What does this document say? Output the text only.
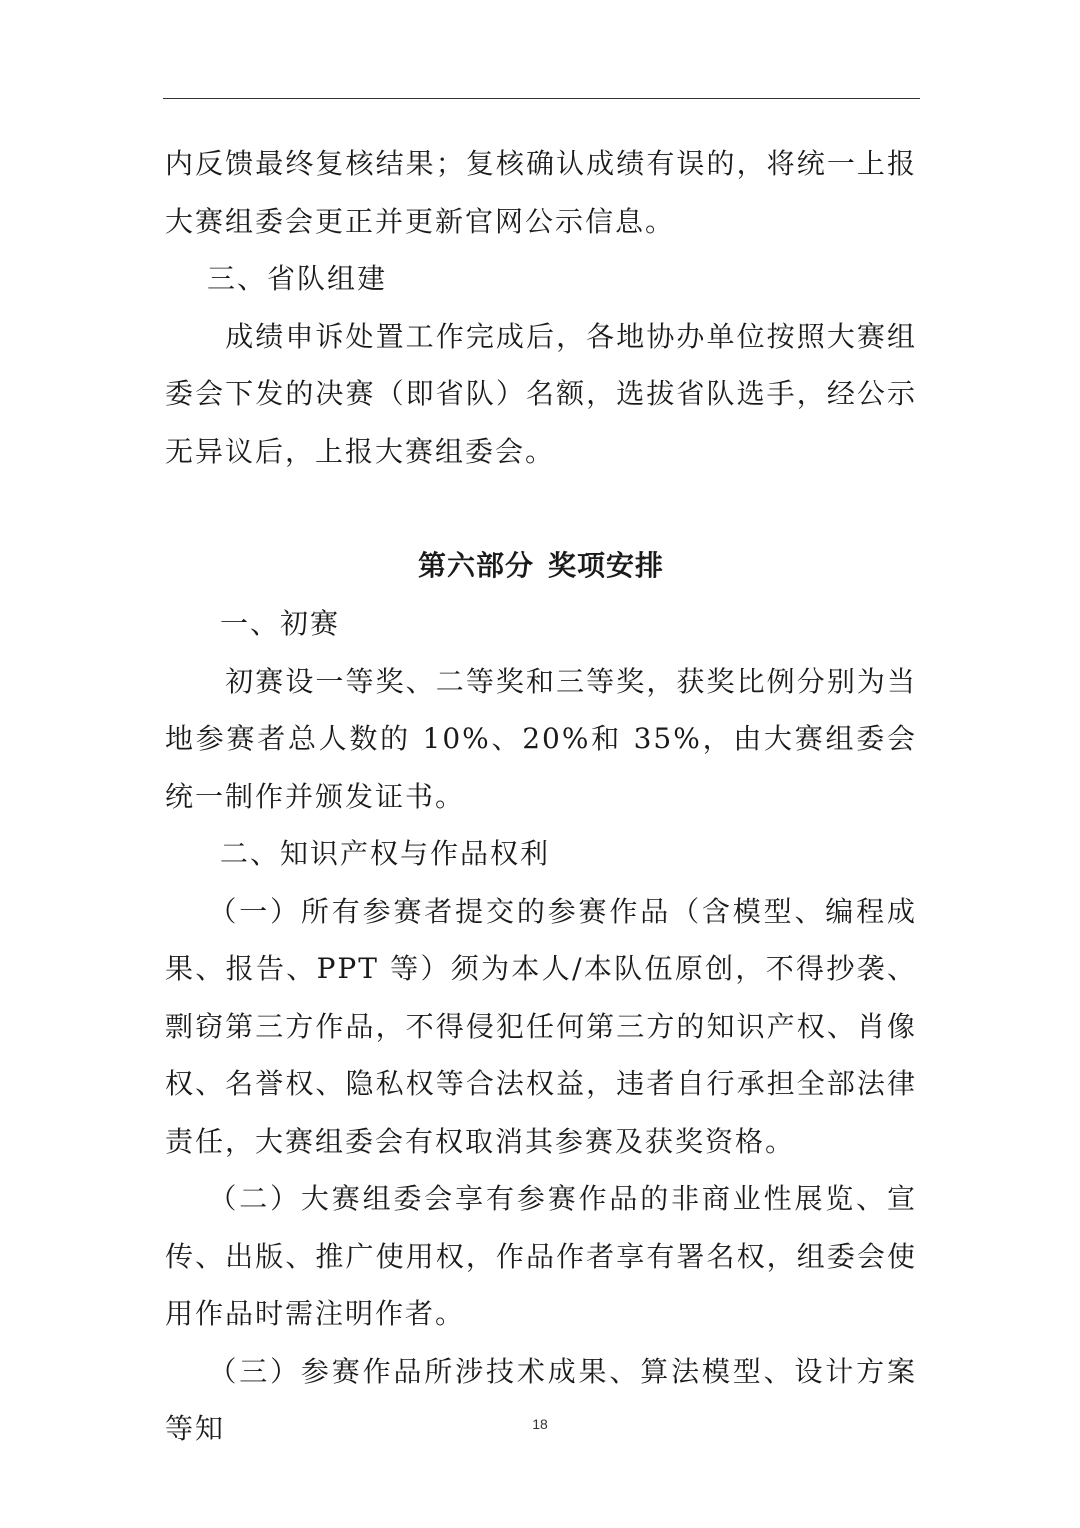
内反馈最终复核结果；复核确认成绩有误的，将统一上报大赛组委会更正并更新官网公示信息。

三、省队组建

成绩申诉处置工作完成后，各地协办单位按照大赛组委会下发的决赛（即省队）名额，选拔省队选手，经公示无异议后，上报大赛组委会。

第六部分 奖项安排

一、初赛

初赛设一等奖、二等奖和三等奖，获奖比例分别为当地参赛者总人数的 10%、20%和 35%，由大赛组委会统一制作并颁发证书。

二、知识产权与作品权利

（一）所有参赛者提交的参赛作品（含模型、编程成果、报告、PPT 等）须为本人/本队伍原创，不得抄袭、剽窃第三方作品，不得侵犯任何第三方的知识产权、肖像权、名誉权、隐私权等合法权益，违者自行承担全部法律责任，大赛组委会有权取消其参赛及获奖资格。

（二）大赛组委会享有参赛作品的非商业性展览、宣传、出版、推广使用权，作品作者享有署名权，组委会使用作品时需注明作者。

（三）参赛作品所涉技术成果、算法模型、设计方案等知	18
